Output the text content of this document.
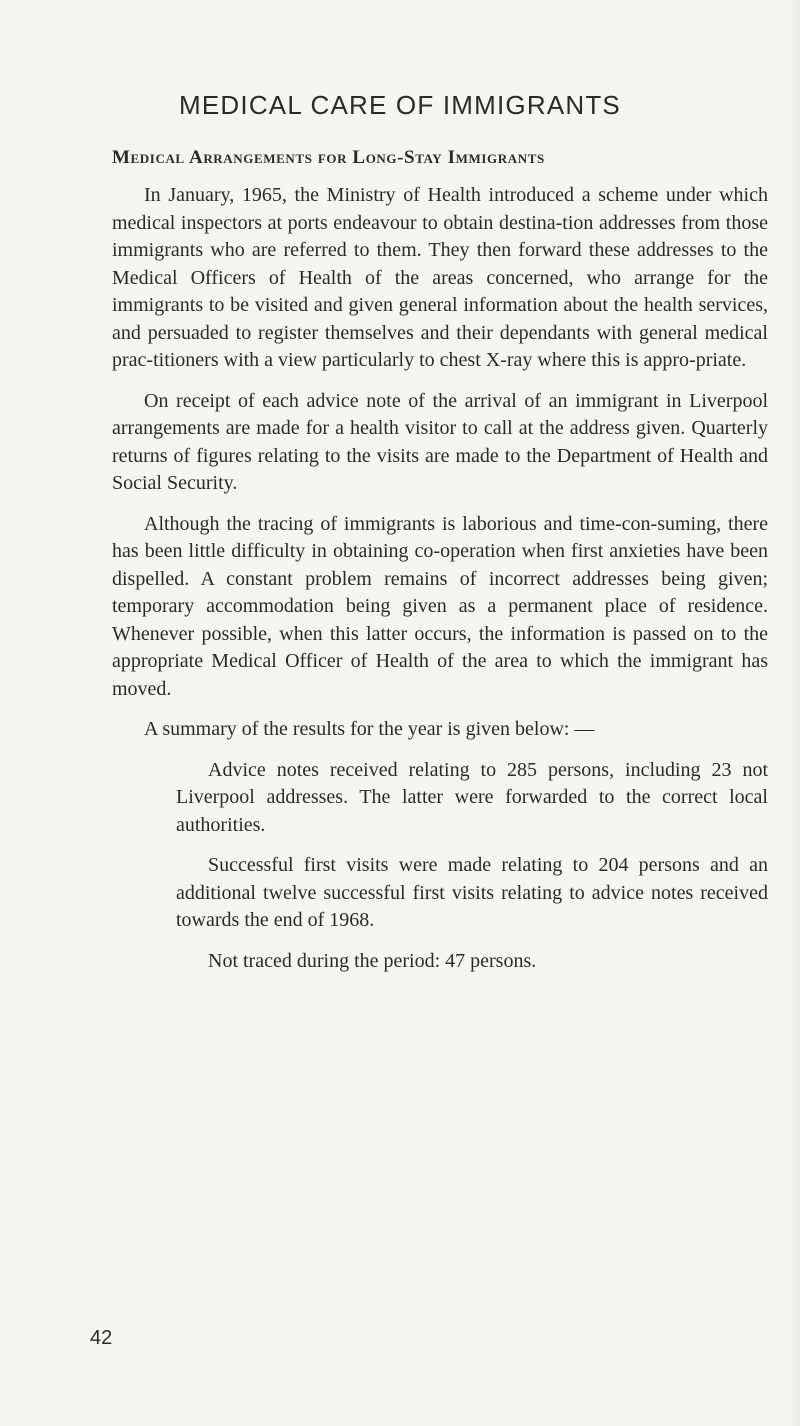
MEDICAL CARE OF IMMIGRANTS
Medical Arrangements for Long-Stay Immigrants

In January, 1965, the Ministry of Health introduced a scheme under which medical inspectors at ports endeavour to obtain destina-tion addresses from those immigrants who are referred to them. They then forward these addresses to the Medical Officers of Health of the areas concerned, who arrange for the immigrants to be visited and given general information about the health services, and persuaded to register themselves and their dependants with general medical prac-titioners with a view particularly to chest X-ray where this is appro-priate.

On receipt of each advice note of the arrival of an immigrant in Liverpool arrangements are made for a health visitor to call at the address given. Quarterly returns of figures relating to the visits are made to the Department of Health and Social Security.

Although the tracing of immigrants is laborious and time-con-suming, there has been little difficulty in obtaining co-operation when first anxieties have been dispelled. A constant problem remains of incorrect addresses being given; temporary accommodation being given as a permanent place of residence. Whenever possible, when this latter occurs, the information is passed on to the appropriate Medical Officer of Health of the area to which the immigrant has moved.

A summary of the results for the year is given below: —

Advice notes received relating to 285 persons, including 23 not Liverpool addresses. The latter were forwarded to the correct local authorities.

Successful first visits were made relating to 204 persons and an additional twelve successful first visits relating to advice notes received towards the end of 1968.

Not traced during the period: 47 persons.

42
